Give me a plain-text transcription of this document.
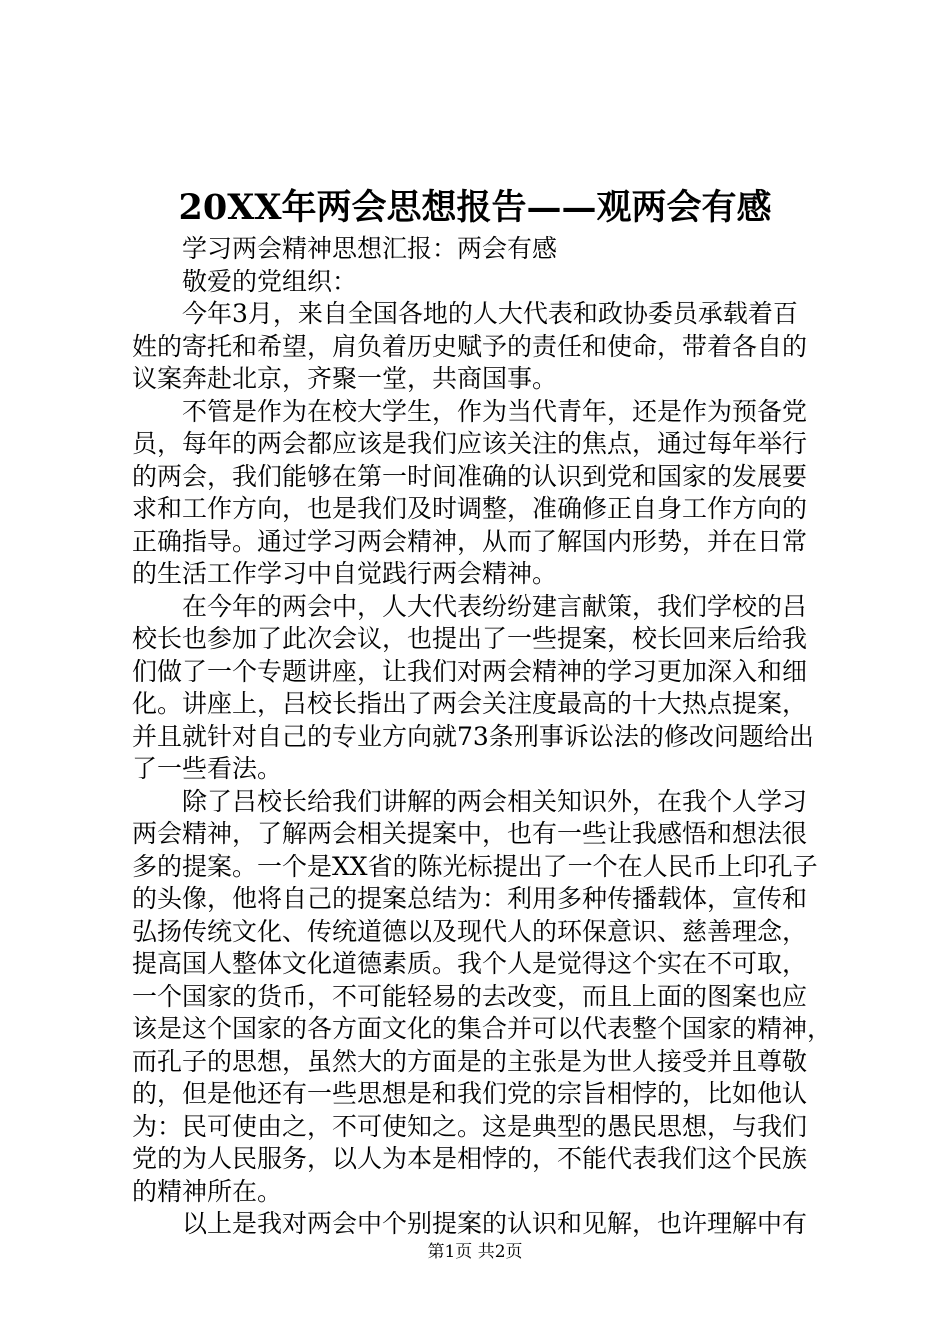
20XX年两会思想报告——观两会有感

学习两会精神思想汇报：两会有感

敬爱的党组织：

今年3月，来自全国各地的人大代表和政协委员承载着百

姓的寄托和希望，肩负着历史赋予的责任和使命，带着各自的

议案奔赴北京，齐聚一堂，共商国事。

不管是作为在校大学生，作为当代青年，还是作为预备党

员，每年的两会都应该是我们应该关注的焦点，通过每年举行

的两会，我们能够在第一时间准确的认识到党和国家的发展要

求和工作方向，也是我们及时调整，准确修正自身工作方向的

正确指导。通过学习两会精神，从而了解国内形势，并在日常

的生活工作学习中自觉践行两会精神。

在今年的两会中，人大代表纷纷建言献策，我们学校的吕

校长也参加了此次会议，也提出了一些提案，校长回来后给我

们做了一个专题讲座，让我们对两会精神的学习更加深入和细

化。讲座上，吕校长指出了两会关注度最高的十大热点提案，

并且就针对自己的专业方向就73条刑事诉讼法的修改问题给出

了一些看法。

除了吕校长给我们讲解的两会相关知识外，在我个人学习

两会精神，了解两会相关提案中，也有一些让我感悟和想法很

多的提案。一个是XX省的陈光标提出了一个在人民币上印孔子

的头像，他将自己的提案总结为：利用多种传播载体，宣传和

弘扬传统文化、传统道德以及现代人的环保意识、慈善理念，

提高国人整体文化道德素质。我个人是觉得这个实在不可取，

一个国家的货币，不可能轻易的去改变，而且上面的图案也应

该是这个国家的各方面文化的集合并可以代表整个国家的精神，

而孔子的思想，虽然大的方面是的主张是为世人接受并且尊敬

的，但是他还有一些思想是和我们党的宗旨相悖的，比如他认

为：民可使由之，不可使知之。这是典型的愚民思想，与我们

党的为人民服务，以人为本是相悖的，不能代表我们这个民族

的精神所在。

以上是我对两会中个别提案的认识和见解，也许理解中有

第1页 共2页
